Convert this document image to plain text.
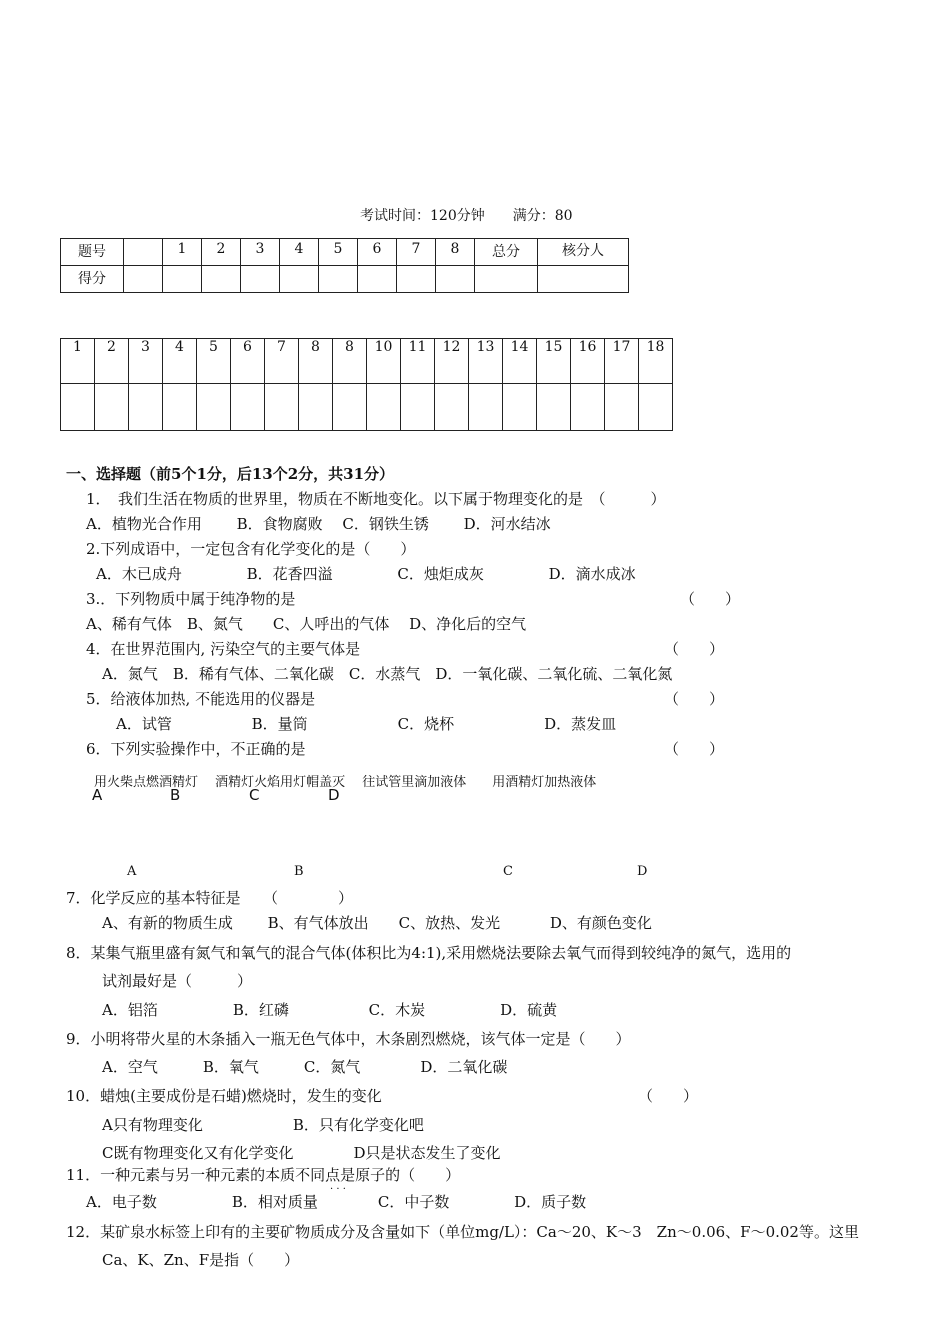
考试时间：120分钟　　满分：80
题号		1	2	3	4	5	6	7	8	总分	核分人
得分											
1	2	3	4	5	6	7	8	8	10	11	12	13	14	15	16	17	18

一、选择题（前5个1分，后13个2分，共31分）
1．　我们生活在物质的世界里，物质在不断地变化。以下属于物理变化的是　（　　　）
A．植物光合作用　　 B．食物腐败　 C．钢铁生锈　　 D．河水结冰
2.下列成语中，一定包含有化学变化的是（　　）
A．木已成舟　　　　 B．花香四溢　　　　 C．烛炬成灰　　　　 D．滴水成冰
3.．下列物质中属于纯净物的是	（　　）
A、稀有气体　B、氮气　　C、人呼出的气体　 D、净化后的空气
4．在世界范围内, 污染空气的主要气体是	（　　）
A．氮气　B．稀有气体、二氧化碳　C．水蒸气　D．一氧化碳、二氧化硫、二氧化氮
5．给液体加热, 不能选用的仪器是	（　　）
A．试管　　　　　 B．量筒　　　　　　C．烧杯　　　　　　D．蒸发皿
6．下列实验操作中，不正确的是	（　　）
用火柴点燃酒精灯　 酒精灯火焰用灯帽盖灭　 往试管里滴加液体　　用酒精灯加热液体
A	B	C	D
A	B	C	D
7．化学反应的基本特征是　　（　　　　）
A、有新的物质生成　　 B、有气体放出　　C、放热、发光　　　 D、有颜色变化
8．某集气瓶里盛有氮气和氧气的混合气体(体积比为4:1),采用燃烧法要除去氧气而得到较纯净的氮气，选用的
试剂最好是（　　　）
A．铝箔　　　　　B．红磷　　　　　 C．木炭　　　　　D．硫黄
9．小明将带火星的木条插入一瓶无色气体中，木条剧烈燃烧，该气体一定是（　　）
A．空气　　　B．氧气　　　C．氮气　　　　D．二氧化碳
10．蜡烛(主要成份是石蜡)燃烧时，发生的变化	（　　）
A只有物理变化　　　　　　B．只有化学变化吧
C既有物理变化又有化学变化　　　　D只是状态发生了变化
11．一种元素与另一种元素的本质不同点是原子的（　　）
· · ·
A．电子数　　　　　B．相对质量　　　　C．中子数　　　　 D．质子数
12．某矿泉水标签上印有的主要矿物质成分及含量如下（单位mg/L）：Ca～20、K～3　Zn～0.06、F～0.02等。这里
Ca、K、Zn、F是指（　　）
